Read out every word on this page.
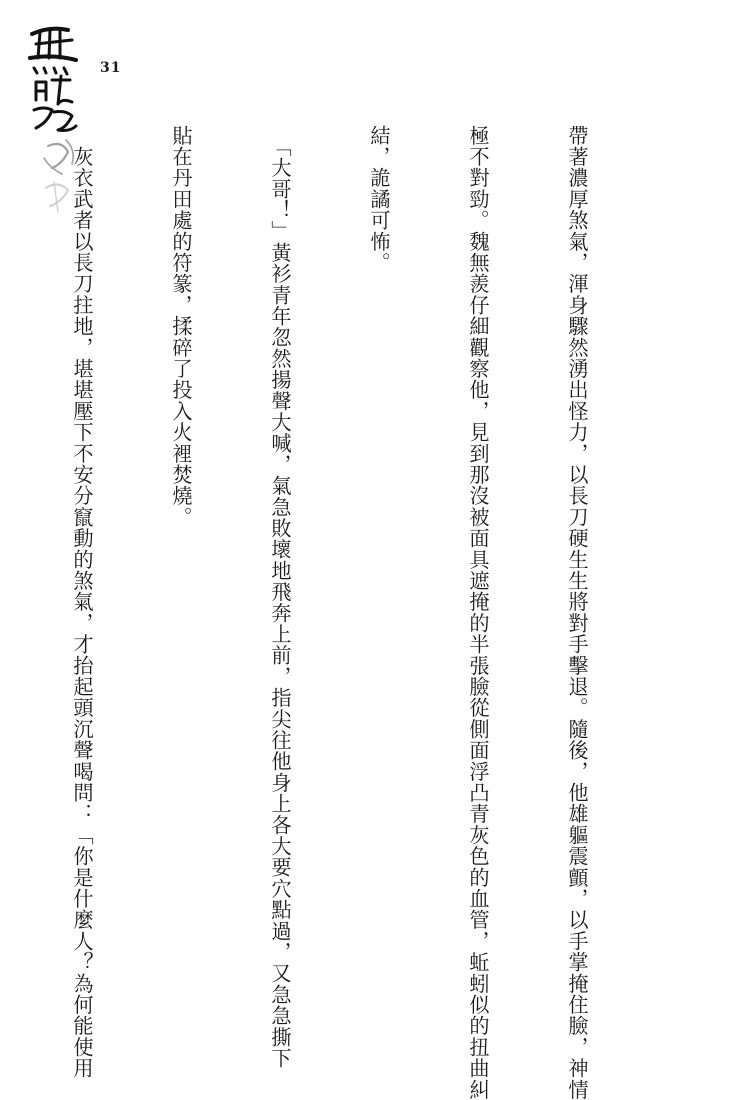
31

帶著濃厚煞氣，渾身驟然湧出怪力，以長刀硬生生將對手擊退。隨後，他雄軀震顫，以手掌掩住臉，神情

極不對勁。魏無羨仔細觀察他，見到那沒被面具遮掩的半張臉從側面浮凸青灰色的血管，蚯蚓似的扭曲糾

結，詭譎可怖。

　「大哥！」黃衫青年忽然揚聲大喊，氣急敗壞地飛奔上前，指尖往他身上各大要穴點過，又急急撕下

貼在丹田處的符篆，揉碎了投入火裡焚燒。

　灰衣武者以長刀拄地，堪堪壓下不安分竄動的煞氣，才抬起頭沉聲喝問：「你是什麼人？為何能使用
